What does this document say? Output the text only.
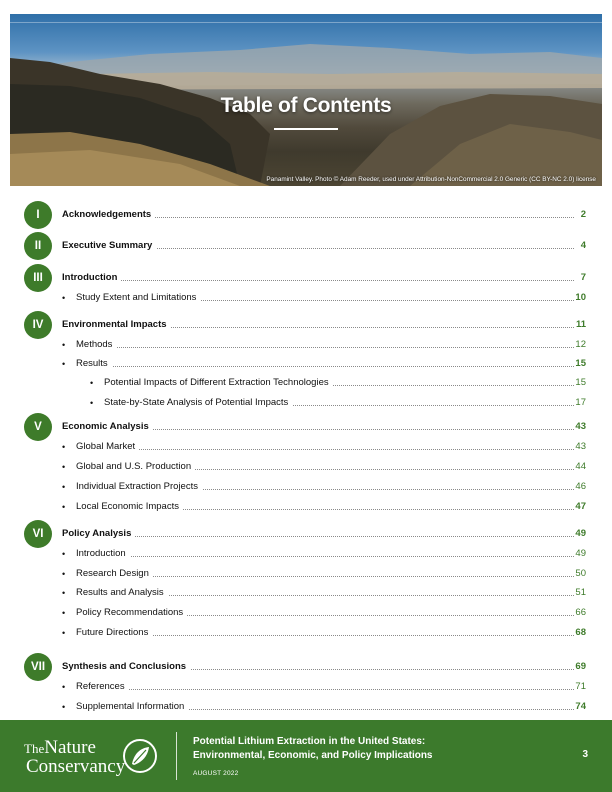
Table of Contents
Panamint Valley. Photo © Adam Reeder, used under Attribution-NonCommercial 2.0 Generic (CC BY-NC 2.0) license
I	Acknowledgements	2
II	Executive Summary	4
III	Introduction	7
• Study Extent and Limitations	10
IV	Environmental Impacts	11
• Methods	12
• Results	15
• Potential Impacts of Different Extraction Technologies	15
• State-by-State Analysis of Potential Impacts	17
V	Economic Analysis	43
• Global Market	43
• Global and U.S. Production	44
• Individual Extraction Projects	46
• Local Economic Impacts	47
VI	Policy Analysis	49
• Introduction	49
• Research Design	50
• Results and Analysis	51
• Policy Recommendations	66
• Future Directions	68
VII	Synthesis and Conclusions	69
• References	71
• Supplemental Information	74
TheNature
Conservancy
Potential Lithium Extraction in the United States:
Environmental, Economic, and Policy Implications
AUGUST 2022
3
